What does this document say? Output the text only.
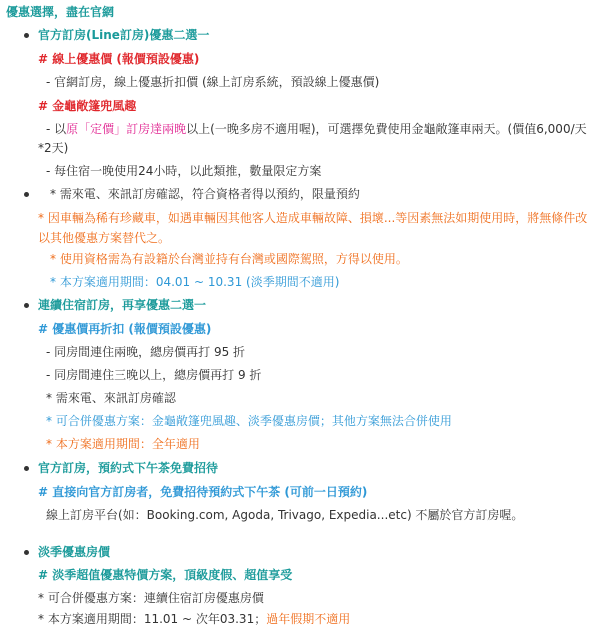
優惠選擇，盡在官網
官方訂房(Line訂房)優惠二選一
# 線上優惠價 (報價預設優惠)
- 官網訂房，線上優惠折扣價 (線上訂房系統，預設線上優惠價)
# 金龜敞篷兜風趣
- 以原「定價」訂房達兩晚以上(一晚多房不適用喔)，可選擇免費使用金龜敞篷車兩天。(價值6,000/天
*2天)
- 每住宿一晚使用24小時，以此類推，數量限定方案
* 需來電、來訊訂房確認，符合資格者得以預約，限量預約
* 因車輛為稀有珍藏車，如遇車輛因其他客人造成車輛故障、損壞...等因素無法如期使用時，將無條件改以其他優惠方案替代之。
* 使用資格需為有設籍於台灣並持有台灣或國際駕照，方得以使用。
* 本方案適用期間：04.01 ~ 10.31 (淡季期間不適用)
連續住宿訂房，再享優惠二選一
# 優惠價再折扣 (報價預設優惠)
- 同房間連住兩晚，總房價再打 95 折
- 同房間連住三晚以上，總房價再打 9 折
* 需來電、來訊訂房確認
* 可合併優惠方案：金龜敞篷兜風趣、淡季優惠房價；其他方案無法合併使用
* 本方案適用期間：全年適用
官方訂房，預約式下午茶免費招待
# 直接向官方訂房者，免費招待預約式下午茶 (可前一日預約)
線上訂房平台(如：Booking.com, Agoda, Trivago, Expedia...etc) 不屬於官方訂房喔。
淡季優惠房價
# 淡季超值優惠特價方案，頂級度假、超值享受
* 可合併優惠方案：連續住宿訂房優惠房價
* 本方案適用期間：11.01 ~ 次年03.31；過年假期不適用
